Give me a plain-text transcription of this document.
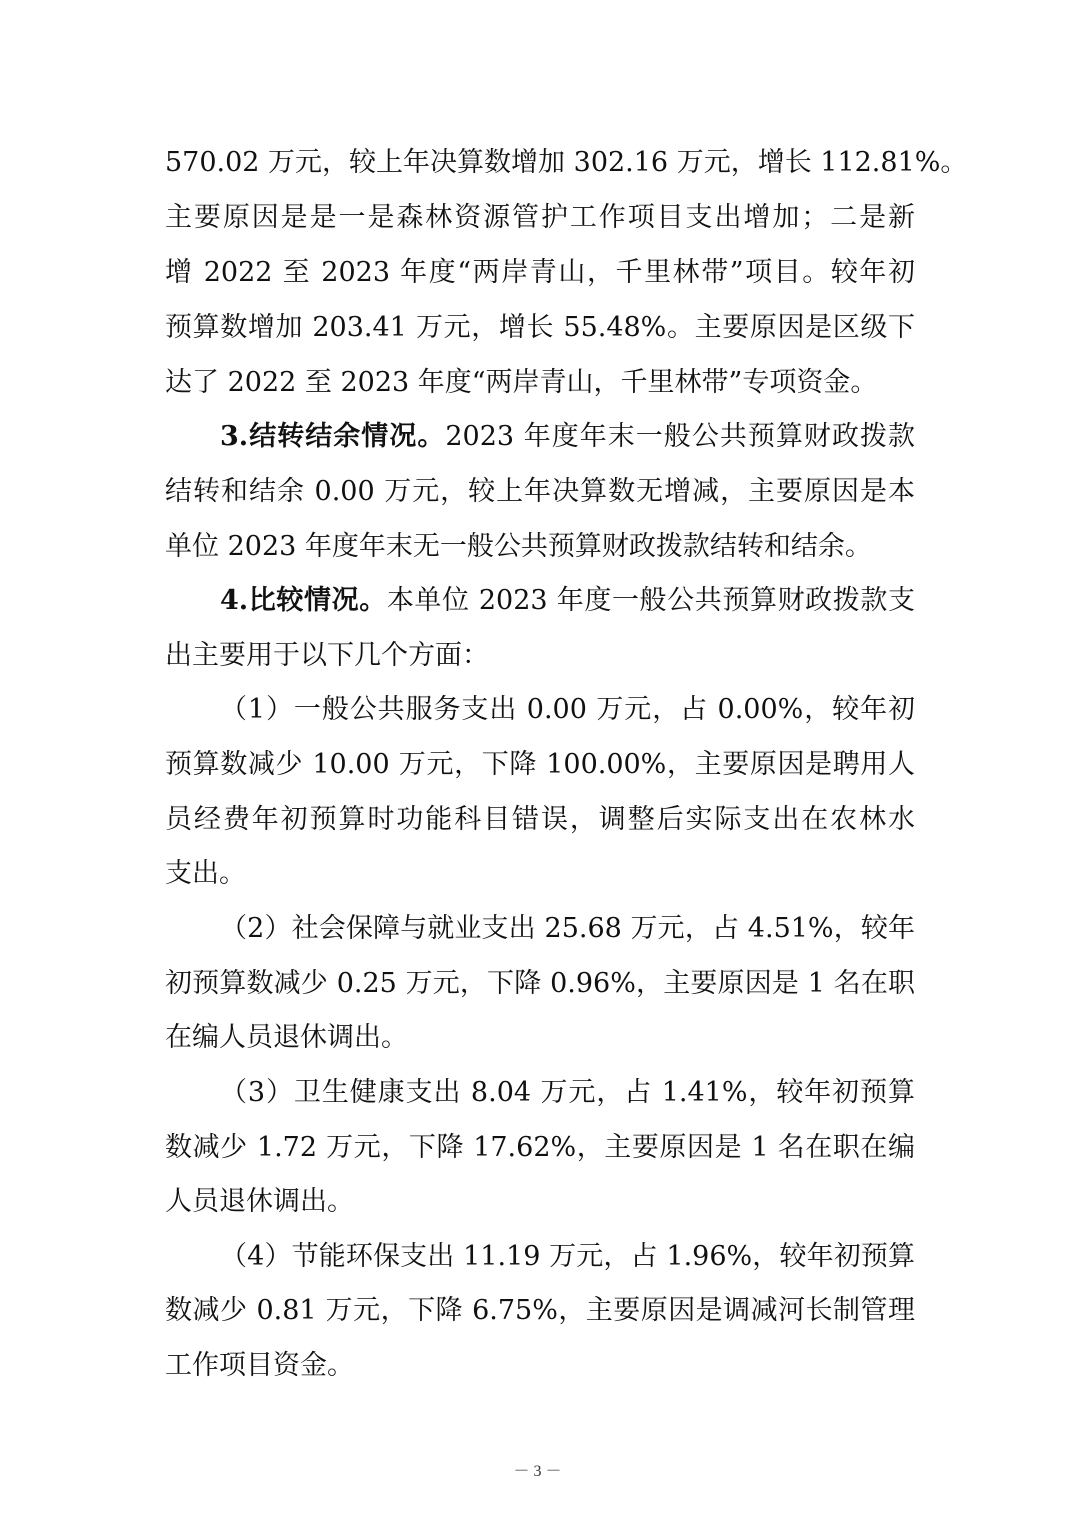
570.02 万元，较上年决算数增加 302.16 万元，增长 112.81%。
主要原因是是一是森林资源管护工作项目支出增加；二是新
增 2022 至 2023 年度“两岸青山，千里林带”项目。较年初
预算数增加 203.41 万元，增长 55.48%。主要原因是区级下
达了 2022 至 2023 年度“两岸青山，千里林带”专项资金。
3.结转结余情况。2023 年度年末一般公共预算财政拨款
结转和结余 0.00 万元，较上年决算数无增减，主要原因是本
单位 2023 年度年末无一般公共预算财政拨款结转和结余。
4.比较情况。本单位 2023 年度一般公共预算财政拨款支
出主要用于以下几个方面：
（1）一般公共服务支出 0.00 万元，占 0.00%，较年初
预算数减少 10.00 万元，下降 100.00%，主要原因是聘用人
员经费年初预算时功能科目错误，调整后实际支出在农林水
支出。
（2）社会保障与就业支出 25.68 万元，占 4.51%，较年
初预算数减少 0.25 万元，下降 0.96%，主要原因是 1 名在职
在编人员退休调出。
（3）卫生健康支出 8.04 万元，占 1.41%，较年初预算
数减少 1.72 万元，下降 17.62%，主要原因是 1 名在职在编
人员退休调出。
（4）节能环保支出 11.19 万元，占 1.96%，较年初预算
数减少 0.81 万元，下降 6.75%，主要原因是调减河长制管理
工作项目资金。
－ 3 －
